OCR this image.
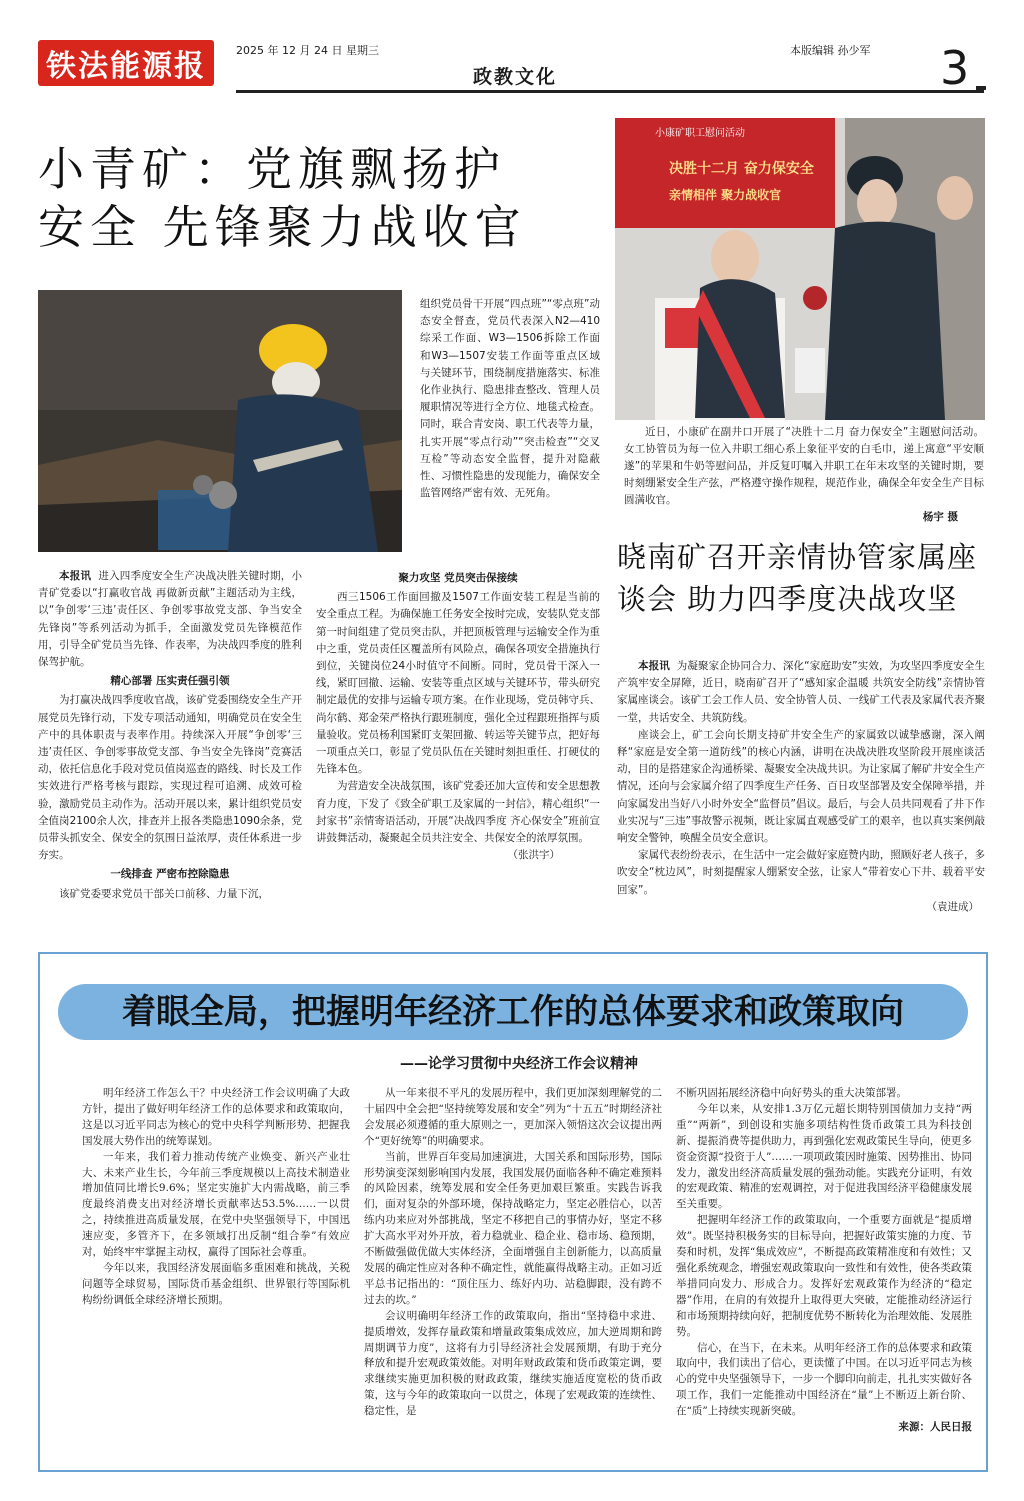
铁法能源报	2025 年 12 月 24 日 星期三	本版编辑 孙少军
政教文化	3
小青矿：党旗飘扬护
安全 先锋聚力战收官

本报讯 进入四季度安全生产决战决胜关键时期，小青矿党委以“打赢收官战 再做新贡献”主题活动为主线，以“争创零‘三违’责任区、争创零事故党支部、争当安全先锋岗”等系列活动为抓手，全面激发党员先锋模范作用，引导全矿党员当先锋、作表率，为决战四季度的胜利保驾护航。

精心部署 压实责任强引领

为打赢决战四季度收官战，该矿党委围绕安全生产开展党员先锋行动，下发专项活动通知，明确党员在安全生产中的具体职责与表率作用。持续深入开展“争创零‘三违’责任区、争创零事故党支部、争当安全先锋岗”竞赛活动，依托信息化手段对党员值岗巡查的路线、时长及工作实效进行严格考核与跟踪，实现过程可追溯、成效可检验，激励党员主动作为。活动开展以来，累计组织党员安全值岗2100余人次，排查并上报各类隐患1090余条，党员带头抓安全、保安全的氛围日益浓厚，责任体系进一步夯实。

一线排查 严密布控除隐患

该矿党委要求党员干部关口前移、力量下沉，

组织党员骨干开展“四点班”“零点班”动态安全督查，党员代表深入N2—410综采工作面、W3—1506拆除工作面和W3—1507安装工作面等重点区域与关键环节，围绕制度措施落实、标准化作业执行、隐患排查整改、管理人员履职情况等进行全方位、地毯式检查。同时，联合青安岗、职工代表等力量，扎实开展“零点行动”“突击检查”“交叉互检”等动态安全监督，提升对隐蔽性、习惯性隐患的发现能力，确保安全监管网络严密有效、无死角。

聚力攻坚 党员突击保接续

西三1506工作面回撤及1507工作面安装工程是当前的安全重点工程。为确保施工任务安全按时完成，安装队党支部第一时间组建了党员突击队，并把顶板管理与运输安全作为重中之重，党员责任区覆盖所有风险点，确保各项安全措施执行到位，关键岗位24小时值守不间断。同时，党员骨干深入一线，紧盯回撤、运输、安装等重点区域与关键环节，带头研究制定最优的安排与运输专项方案。在作业现场，党员韩守兵、尚尔鹤、郑金荣严格执行跟班制度，强化全过程跟班指挥与质量验收。党员杨利国紧盯支架回撤、转运等关键节点，把好每一项重点关口，彰显了党员队伍在关键时刻担重任、打硬仗的先锋本色。

为营造安全决战氛围，该矿党委还加大宣传和安全思想教育力度，下发了《致全矿职工及家属的一封信》，精心组织“一封家书”亲情寄语活动，开展“决战四季度 齐心保安全”班前宣讲鼓舞活动，凝聚起全员共注安全、共保安全的浓厚氛围。

（张洪宇）
小康矿职工慰问活动
决胜十二月 奋力保安全
亲情相伴 聚力战收官
近日，小康矿在副井口开展了“决胜十二月 奋力保安全”主题慰问活动。女工协管员为每一位入井职工细心系上象征平安的白毛巾，递上寓意“平安顺遂”的苹果和牛奶等慰问品，并反复叮嘱入井职工在年末攻坚的关键时期，要时刻绷紧安全生产弦，严格遵守操作规程，规范作业，确保全年安全生产目标圆满收官。
杨宇 摄
晓南矿召开亲情协管家属座
谈会 助力四季度决战攻坚

本报讯 为凝聚家企协同合力、深化“家庭助安”实效，为攻坚四季度安全生产筑牢安全屏障，近日，晓南矿召开了“感知家企温暖 共筑安全防线”亲情协管家属座谈会。该矿工会工作人员、安全协管人员、一线矿工代表及家属代表齐聚一堂，共话安全、共筑防线。

座谈会上，矿工会向长期支持矿井安全生产的家属致以诚挚感谢，深入阐释“家庭是安全第一道防线”的核心内涵，讲明在决战决胜攻坚阶段开展座谈活动，目的是搭建家企沟通桥梁、凝聚安全决战共识。为让家属了解矿井安全生产情况，还向与会家属介绍了四季度生产任务、百日攻坚部署及安全保障举措，并向家属发出当好八小时外安全“监督员”倡议。最后，与会人员共同观看了井下作业实况与“三违”事故警示视频，既让家属直观感受矿工的艰辛，也以真实案例敲响安全警钟，唤醒全员安全意识。

家属代表纷纷表示，在生活中一定会做好家庭赞内助，照顾好老人孩子，多吹安全“枕边风”，时刻提醒家人绷紧安全弦，让家人“带着安心下井、载着平安回家”。

（袁进成）
着眼全局，把握明年经济工作的总体要求和政策取向
——论学习贯彻中央经济工作会议精神

明年经济工作怎么干？中央经济工作会议明确了大政方针，提出了做好明年经济工作的总体要求和政策取向，这是以习近平同志为核心的党中央科学判断形势、把握我国发展大势作出的统筹谋划。

一年来，我们着力推动传统产业焕变、新兴产业壮大、未来产业生长，今年前三季度规模以上高技术制造业增加值同比增长9.6%；坚定实施扩大内需战略，前三季度最终消费支出对经济增长贡献率达53.5%……一以贯之，持续推进高质量发展，在党中央坚强领导下，中国迅速应变，多管齐下，在多领域打出反制“组合拳”有效应对，始终牢牢掌握主动权，赢得了国际社会尊重。

今年以来，我国经济发展面临多重困难和挑战，关税问题等全球贸易，国际货币基金组织、世界银行等国际机构纷纷调低全球经济增长预期。

从一年来很不平凡的发展历程中，我们更加深刻理解党的二十届四中全会把“坚持统筹发展和安全”列为“十五五”时期经济社会发展必须遵循的重大原则之一，更加深入领悟这次会议提出两个“更好统筹”的明确要求。

当前，世界百年变局加速演进，大国关系和国际形势，国际形势演变深刻影响国内发展，我国发展仍面临各种不确定难预料的风险因素，统筹发展和安全任务更加艰巨繁重。实践告诉我们，面对复杂的外部环境，保持战略定力，坚定必胜信心，以苦练内功来应对外部挑战，坚定不移把自己的事情办好，坚定不移扩大高水平对外开放，着力稳就业、稳企业、稳市场、稳预期，不断做强做优做大实体经济，全面增强自主创新能力，以高质量发展的确定性应对各种不确定性，就能赢得战略主动。正如习近平总书记指出的：“顶住压力、练好内功、站稳脚跟，没有跨不过去的坎。”

会议明确明年经济工作的政策取向，指出“坚持稳中求进、提质增效，发挥存量政策和增量政策集成效应，加大逆周期和跨周期调节力度”，这将有力引导经济社会发展预期，有助于充分释放和提升宏观政策效能。对明年财政政策和货币政策定调，要求继续实施更加积极的财政政策，继续实施适度宽松的货币政策，这与今年的政策取向一以贯之，体现了宏观政策的连续性、稳定性，是

不断巩固拓展经济稳中向好势头的重大决策部署。

今年以来，从安排1.3万亿元超长期特别国债加力支持“两重”“两新”，到创设和实施多项结构性货币政策工具为科技创新、提振消费等提供助力，再到强化宏观政策民生导向，使更多资金资源“投资于人”……一项项政策因时施策、因势推出、协同发力，激发出经济高质量发展的强劲动能。实践充分证明，有效的宏观政策、精准的宏观调控，对于促进我国经济平稳健康发展至关重要。

把握明年经济工作的政策取向，一个重要方面就是“提质增效”。既坚持积极务实的目标导向，把握好政策实施的力度、节奏和时机，发挥“集成效应”，不断提高政策精准度和有效性；又强化系统观念，增强宏观政策取向一致性和有效性，使各类政策举措同向发力、形成合力。发挥好宏观政策作为经济的“稳定器”作用，在肩的有效提升上取得更大突破，定能推动经济运行和市场预期持续向好，把制度优势不断转化为治理效能、发展胜势。

信心，在当下，在未来。从明年经济工作的总体要求和政策取向中，我们读出了信心，更读懂了中国。在以习近平同志为核心的党中央坚强领导下，一步一个脚印向前走，扎扎实实做好各项工作，我们一定能推动中国经济在“量”上不断迈上新台阶、在“质”上持续实现新突破。

来源：人民日报
